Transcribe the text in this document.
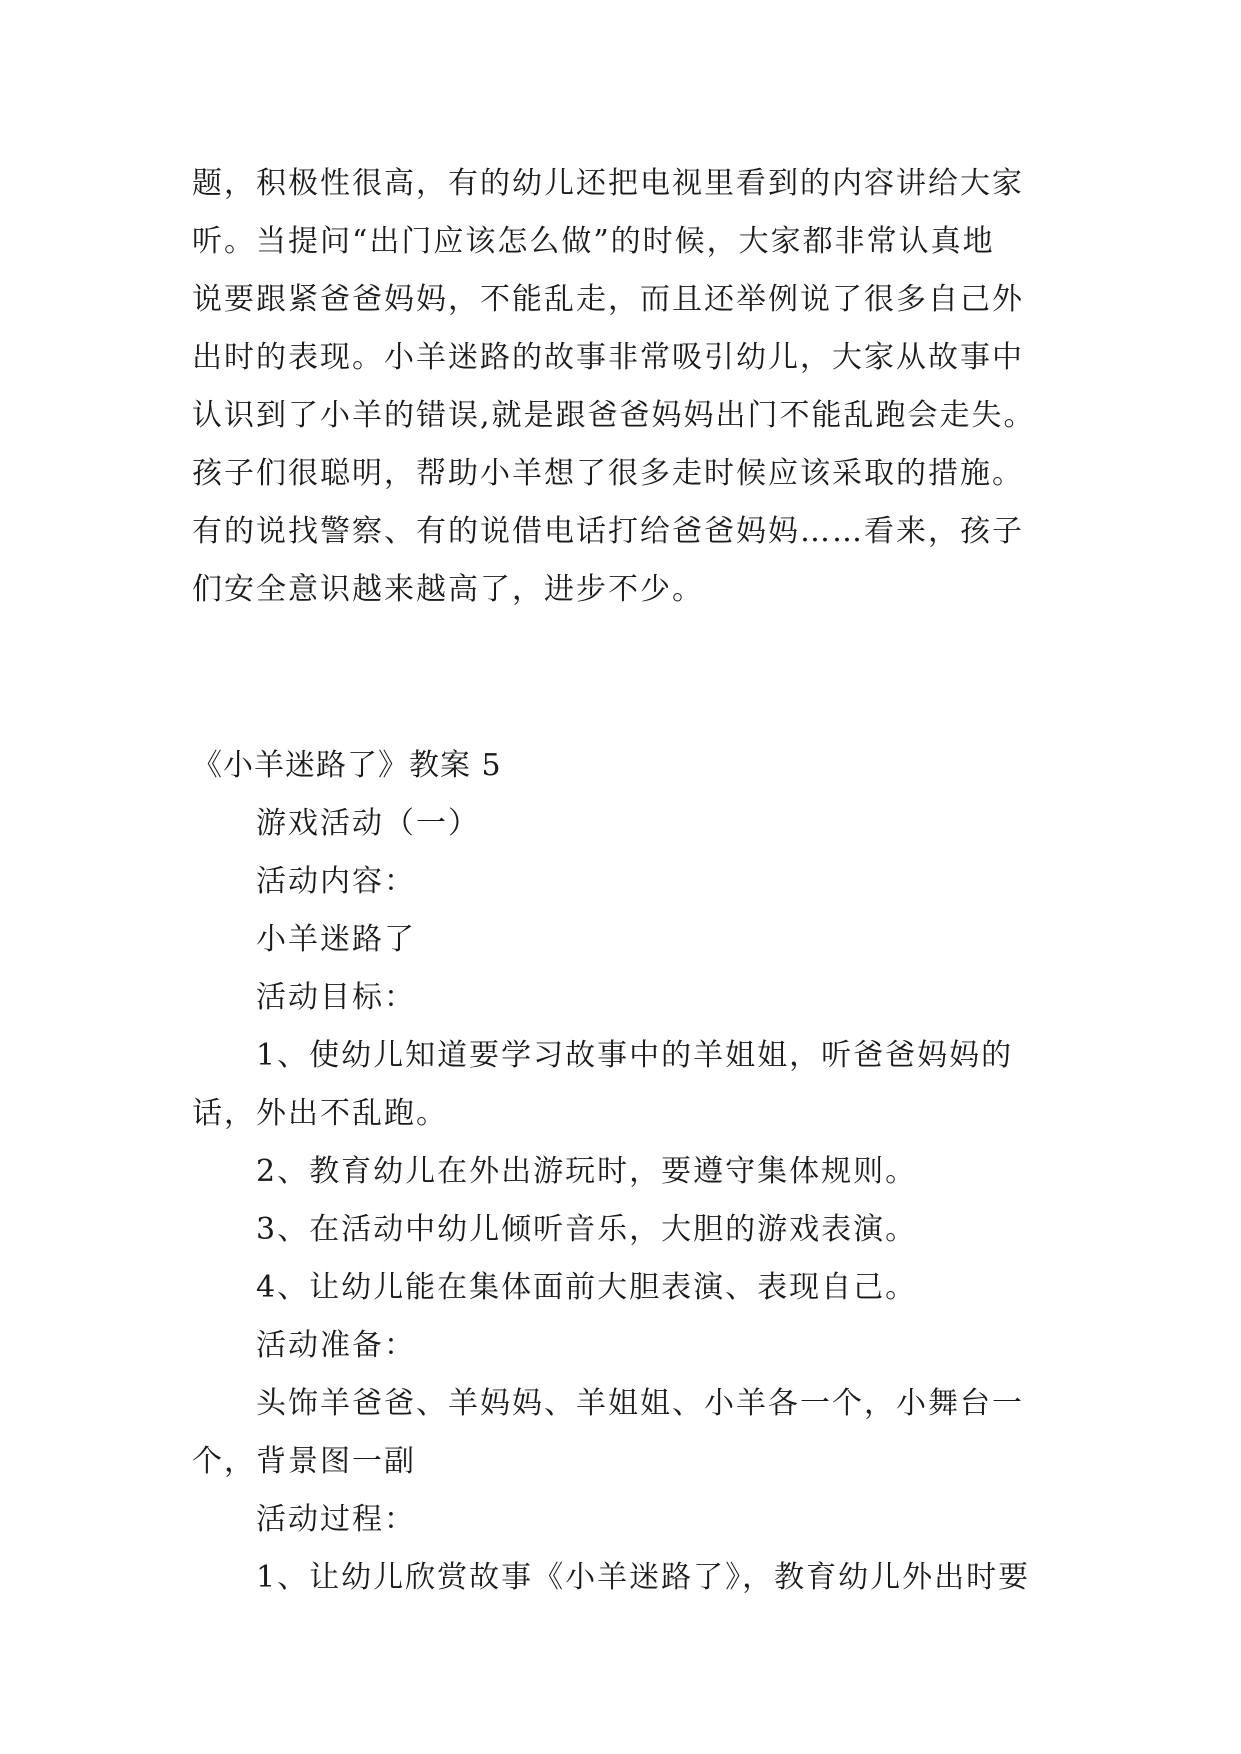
题，积极性很高，有的幼儿还把电视里看到的内容讲给大家
听。当提问“出门应该怎么做”的时候，大家都非常认真地
说要跟紧爸爸妈妈，不能乱走，而且还举例说了很多自己外
出时的表现。小羊迷路的故事非常吸引幼儿，大家从故事中
认识到了小羊的错误,就是跟爸爸妈妈出门不能乱跑会走失。
孩子们很聪明，帮助小羊想了很多走时候应该采取的措施。
有的说找警察、有的说借电话打给爸爸妈妈……看来，孩子
们安全意识越来越高了，进步不少。
《小羊迷路了》教案 5
游戏活动（一）
活动内容：
小羊迷路了
活动目标：
1、使幼儿知道要学习故事中的羊姐姐，听爸爸妈妈的
话，外出不乱跑。
2、教育幼儿在外出游玩时，要遵守集体规则。
3、在活动中幼儿倾听音乐，大胆的游戏表演。
4、让幼儿能在集体面前大胆表演、表现自己。
活动准备：
头饰羊爸爸、羊妈妈、羊姐姐、小羊各一个，小舞台一
个，背景图一副
活动过程：
1、让幼儿欣赏故事《小羊迷路了》，教育幼儿外出时要
